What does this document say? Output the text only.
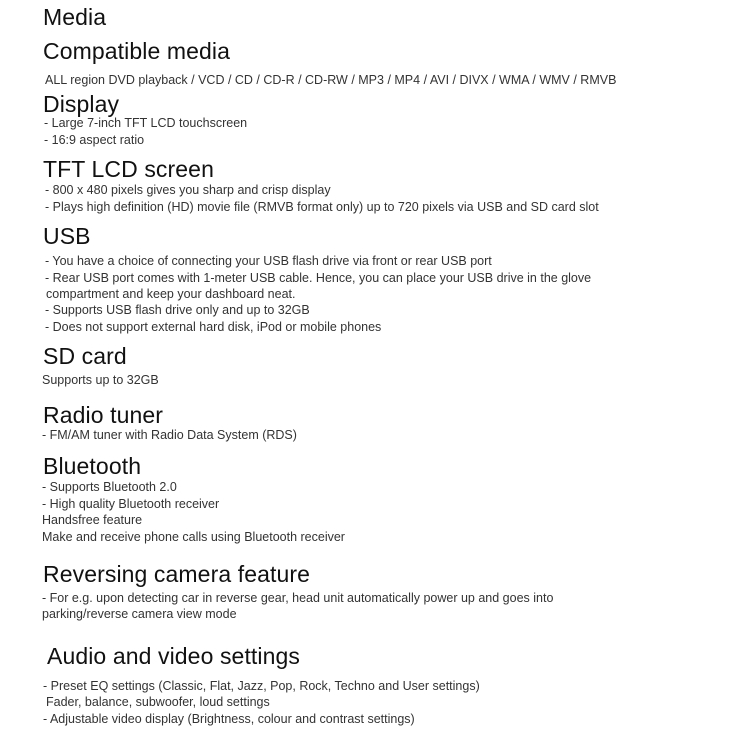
Media
Compatible media
ALL region DVD playback / VCD / CD / CD-R / CD-RW / MP3 / MP4 / AVI / DIVX / WMA / WMV / RMVB
Display
- Large 7-inch TFT LCD touchscreen
- 16:9 aspect ratio
TFT LCD screen
- 800 x 480 pixels gives you sharp and crisp display
- Plays high definition (HD) movie file (RMVB format only) up to 720 pixels via USB and SD card slot
USB
- You have a choice of connecting your USB flash drive via front or rear USB port
- Rear USB port comes with 1-meter USB cable. Hence, you can place your USB drive in the glove
compartment and keep your dashboard neat.
- Supports USB flash drive only and up to 32GB
- Does not support external hard disk, iPod or mobile phones
SD card
Supports up to 32GB
Radio tuner
- FM/AM tuner with Radio Data System (RDS)
Bluetooth
- Supports Bluetooth 2.0
- High quality Bluetooth receiver
Handsfree feature
Make and receive phone calls using Bluetooth receiver
Reversing camera feature
- For e.g. upon detecting car in reverse gear, head unit automatically power up and goes into
parking/reverse camera view mode
Audio and video settings
- Preset EQ settings (Classic, Flat, Jazz, Pop, Rock, Techno and User settings)
Fader, balance, subwoofer, loud settings
- Adjustable video display (Brightness, colour and contrast settings)
